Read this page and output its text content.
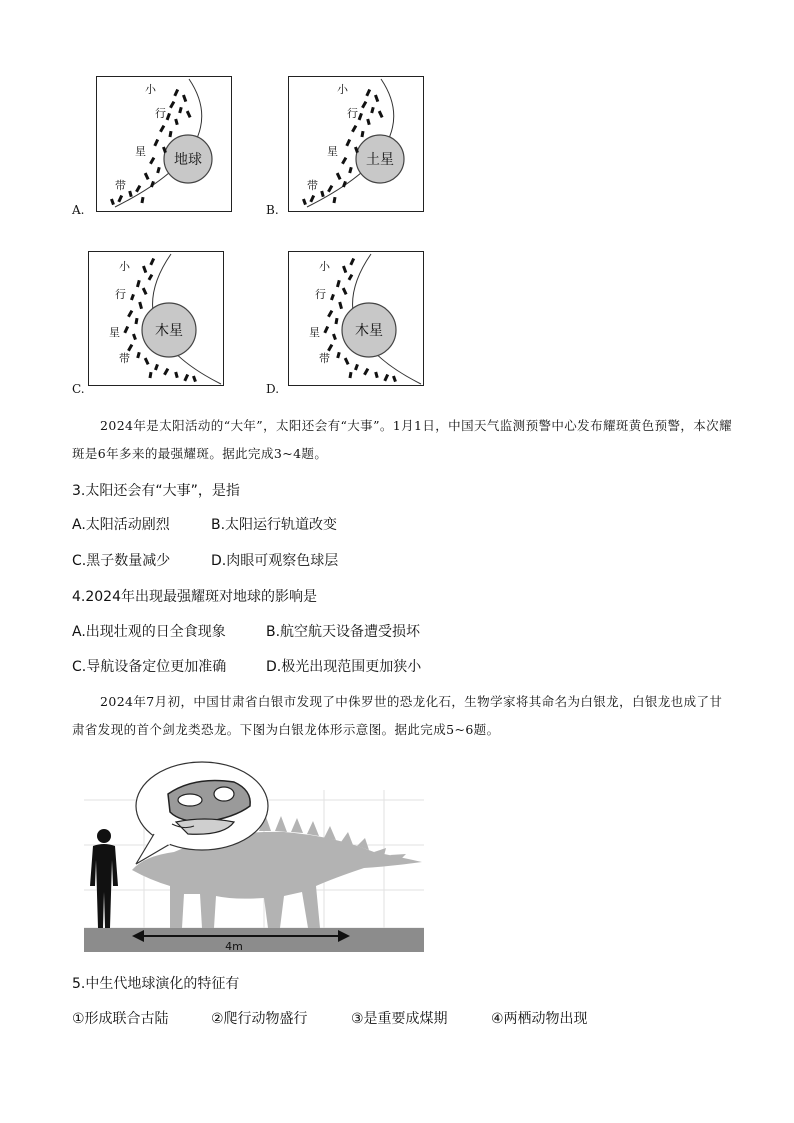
小
行
星
带
地球
A.
小
行
星
带
土星
B.
小
行
星
带
木星
C.
小
行
星
带
木星
D.
2024年是太阳活动的“大年”，太阳还会有“大事”。1月1日，中国天气监测预警中心发布耀斑黄色预警，本次耀斑是6年多来的最强耀斑。据此完成3~4题。
3.太阳还会有“大事”，是指
A.太阳活动剧烈	B.太阳运行轨道改变
C.黑子数量减少	D.肉眼可观察色球层
4.2024年出现最强耀斑对地球的影响是
A.出现壮观的日全食现象	B.航空航天设备遭受损坏
C.导航设备定位更加准确	D.极光出现范围更加狭小
2024年7月初，中国甘肃省白银市发现了中侏罗世的恐龙化石，生物学家将其命名为白银龙，白银龙也成了甘肃省发现的首个剑龙类恐龙。下图为白银龙体形示意图。据此完成5~6题。
4m
5.中生代地球演化的特征有
①形成联合古陆	②爬行动物盛行	③是重要成煤期	④两栖动物出现
